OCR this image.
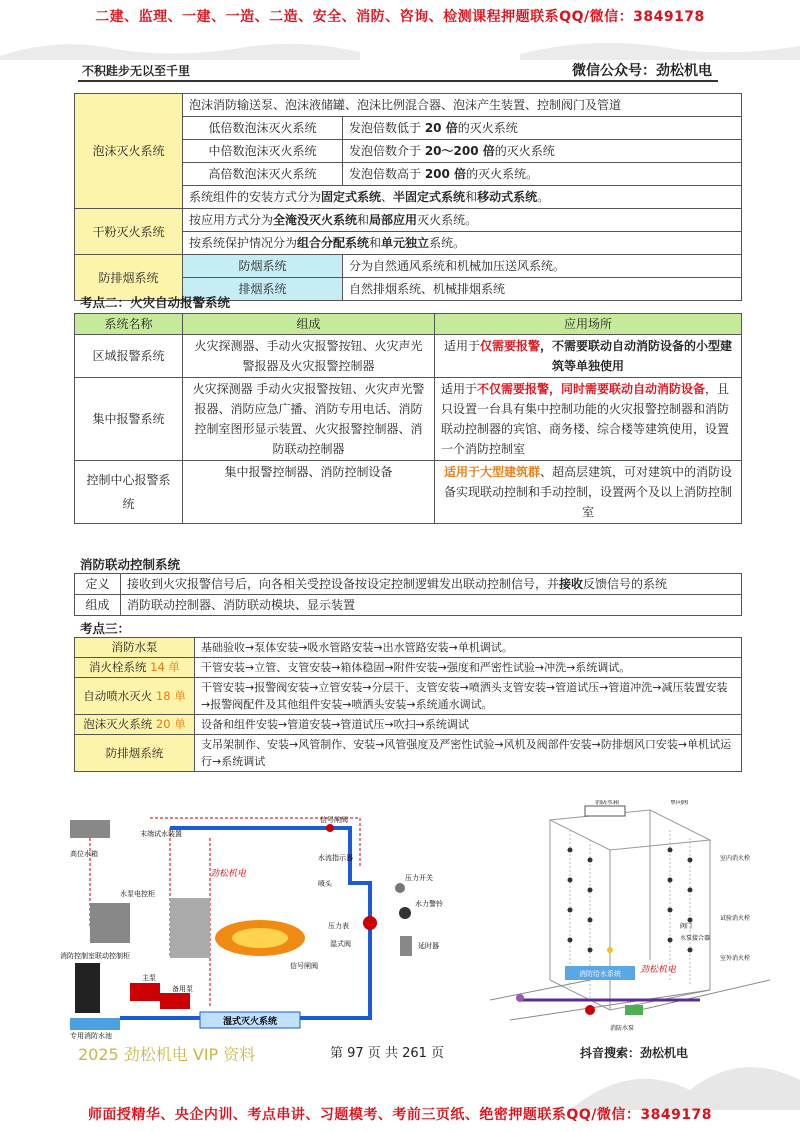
二建、监理、一建、一造、二造、安全、消防、咨询、检测课程押题联系QQ/微信：3849178
不积跬步无以至千里	微信公众号：劲松机电
泡沫灭火系统	泡沫消防输送泵、泡沫液储罐、泡沫比例混合器、泡沫产生装置、控制阀门及管道	
	低倍数泡沫灭火系统	发泡倍数低于 20 倍的灭火系统
	中倍数泡沫灭火系统	发泡倍数介于 20～200 倍的灭火系统
	高倍数泡沫灭火系统	发泡倍数高于 200 倍的灭火系统。
	系统组件的安装方式分为固定式系统、半固定式系统和移动式系统。	
干粉灭火系统	按应用方式分为全淹没灭火系统和局部应用灭火系统。	
	按系统保护情况分为组合分配系统和单元独立系统。	
防排烟系统	防烟系统	分为自然通风系统和机械加压送风系统。
	排烟系统	自然排烟系统、机械排烟系统
考点二：火灾自动报警系统
系统名称	组成	应用场所
区域报警系统	火灾探测器、手动火灾报警按钮、火灾声光警报器及火灾报警控制器	适用于仅需要报警，不需要联动自动消防设备的小型建筑等单独使用
集中报警系统	火灾探测器 手动火灾报警按钮、火灾声光警报器、消防应急广播、消防专用电话、消防控制室图形显示装置、火灾报警控制器、消防联动控制器	适用于不仅需要报警，同时需要联动自动消防设备，且只设置一台具有集中控制功能的火灾报警控制器和消防联动控制器的宾馆、商务楼、综合楼等建筑使用，设置一个消防控制室
控制中心报警系统	集中报警控制器、消防控制设备	适用于大型建筑群、超高层建筑，可对建筑中的消防设备实现联动控制和手动控制，设置两个及以上消防控制室
消防联动控制系统
定义	接收到火灾报警信号后，向各相关受控设备按设定控制逻辑发出联动控制信号，并接收反馈信号的系统
组成	消防联动控制器、消防联动模块、显示装置
考点三：
消防水泵	基础验收→泵体安装→吸水管路安装→出水管路安装→单机调试。
消火栓系统 14 单	干管安装→立管、支管安装→箱体稳固→附件安装→强度和严密性试验→冲洗→系统调试。
自动喷水灭火 18 单	干管安装→报警阀安装→立管安装→分层干、支管安装→喷洒头支管安装→管道试压→管道冲洗→减压装置安装→报警阀配件及其他组件安装→喷洒头安装→系统通水调试。
泡沫灭火系统 20 单	设备和组件安装→管道安装→管道试压→吹扫→系统调试
防排烟系统	支吊架制作、安装→风管制作、安装→风管强度及严密性试验→风机及阀部件安装→防排烟风口安装→单机试运行→系统调试
湿式灭火系统
劲松机电
高位水箱
末端试水装置
信号闸阀
水流指示器
压力开关
水力警铃
喷头
水泵电控柜
压力表
延时器
湿式阀
信号闸阀
消防控制室联动控制柜
主泵
备用泵
专用消防水池
消防给水系统 劲松机电
消防水箱	单向阀
室内消火栓
试验消火栓
消防水泵
水泵接合器
阀门
室外消火栓
2025 劲松机电 VIP 资料	第 97 页 共 261 页	抖音搜索：劲松机电
师面授精华、央企内训、考点串讲、习题模考、考前三页纸、绝密押题联系QQ/微信：3849178
